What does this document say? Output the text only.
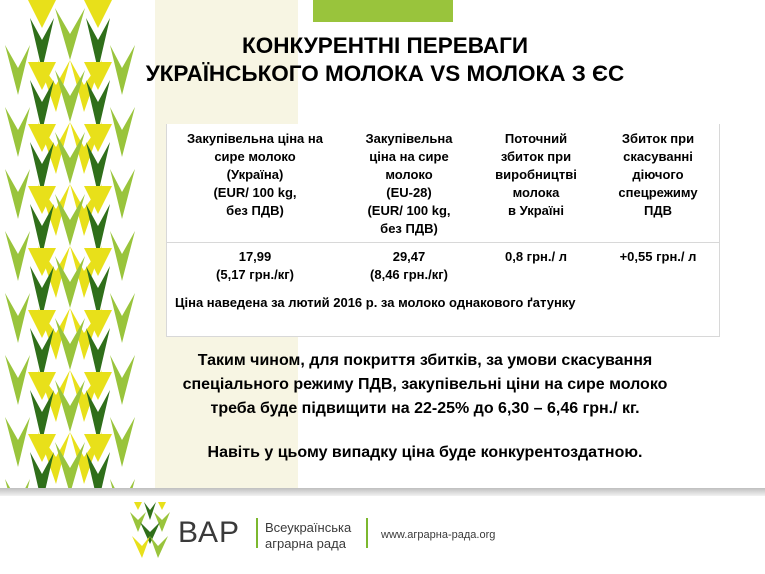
КОНКУРЕНТНІ ПЕРЕВАГИ
УКРАЇНСЬКОГО МОЛОКА VS МОЛОКА З ЄС
Закупівельна ціна на
сире молоко
(Україна)
(EUR/ 100 kg,
без ПДВ)
Закупівельна
ціна на сире
молоко
(EU-28)
(EUR/ 100 kg,
без ПДВ)
Поточний
збиток при
виробництві
молока
в Україні
Збиток при
скасуванні
діючого
спецрежиму
ПДВ
17,99
(5,17 грн./кг)
29,47
(8,46 грн./кг)
0,8 грн./ л	+0,55 грн./ л
Ціна наведена за лютий 2016 р. за молоко однакового ґатунку
Таким чином, для покриття збитків, за умови скасування
спеціального режиму ПДВ, закупівельні ціни на сире молоко
треба буде підвищити на 22-25% до 6,30 – 6,46 грн./ кг.
Навіть у цьому випадку ціна буде конкурентоздатною.
ВАР Всеукраїнська
аграрна рада
www.аграрна-рада.org
